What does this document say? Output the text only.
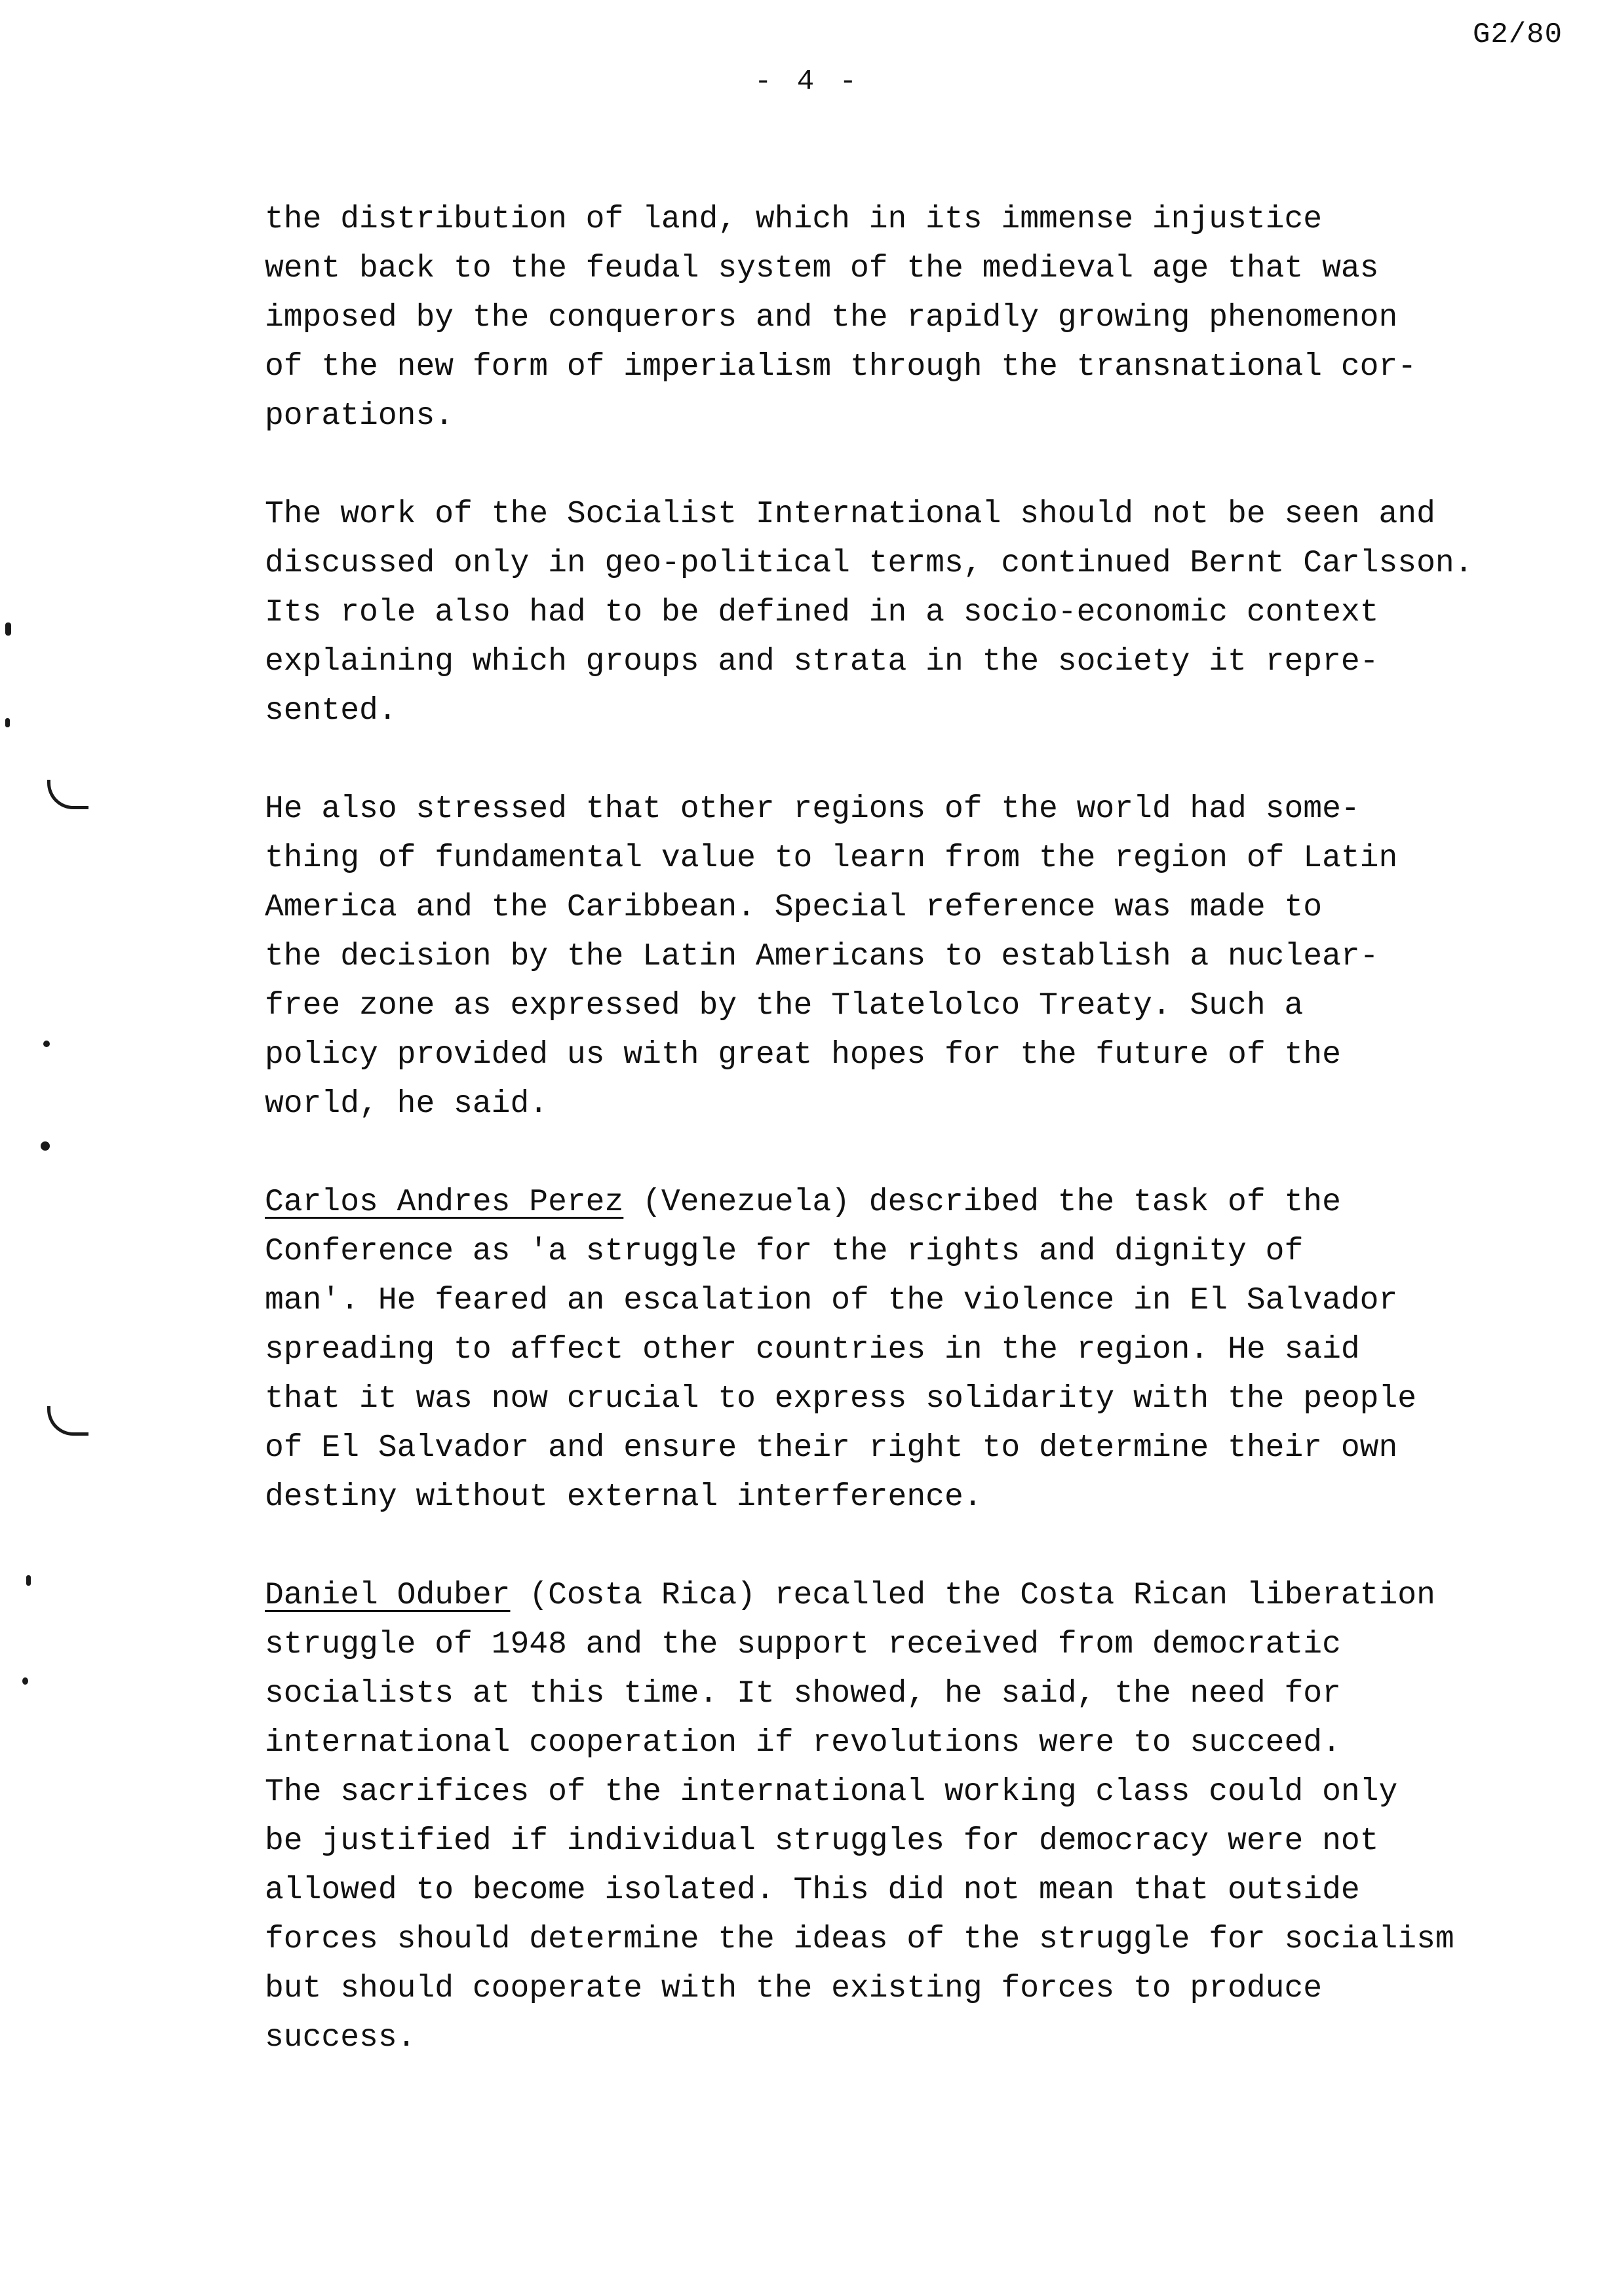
G2/80
- 4 -

the distribution of land, which in its immense injustice
went back to the feudal system of the medieval age that was
imposed by the conquerors and the rapidly growing phenomenon
of the new form of imperialism through the transnational cor-
porations.

The work of the Socialist International should not be seen and
discussed only in geo-political terms, continued Bernt Carlsson.
Its role also had to be defined in a socio-economic context
explaining which groups and strata in the society it repre-
sented.

He also stressed that other regions of the world had some-
thing of fundamental value to learn from the region of Latin
America and the Caribbean. Special reference was made to
the decision by the Latin Americans to establish a nuclear-
free zone as expressed by the Tlatelolco Treaty. Such a
policy provided us with great hopes for the future of the
world, he said.

Carlos Andres Perez (Venezuela) described the task of the
Conference as 'a struggle for the rights and dignity of
man'. He feared an escalation of the violence in El Salvador
spreading to affect other countries in the region. He said
that it was now crucial to express solidarity with the people
of El Salvador and ensure their right to determine their own
destiny without external interference.

Daniel Oduber (Costa Rica) recalled the Costa Rican liberation
struggle of 1948 and the support received from democratic
socialists at this time. It showed, he said, the need for
international cooperation if revolutions were to succeed.
The sacrifices of the international working class could only
be justified if individual struggles for democracy were not
allowed to become isolated. This did not mean that outside
forces should determine the ideas of the struggle for socialism
but should cooperate with the existing forces to produce
success.
